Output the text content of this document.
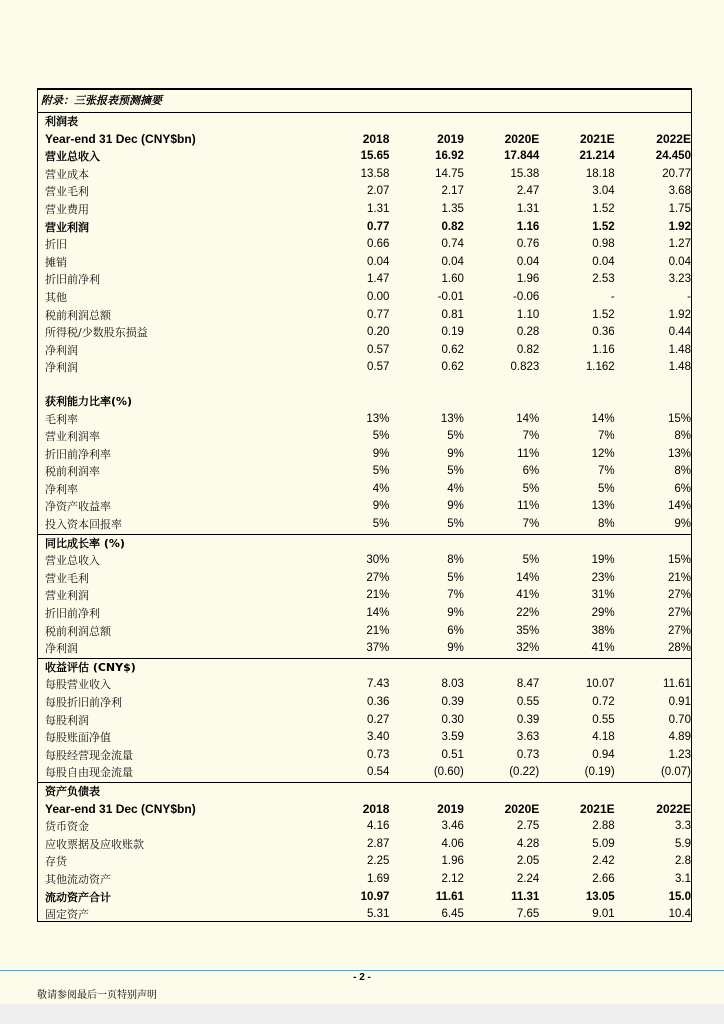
附录：三张报表预测摘要
利润表
Year-end 31 Dec (CNY$bn)	2018	2019	2020E	2021E	2022E
营业总收入	15.65	16.92	17.844	21.214	24.450
营业成本	13.58	14.75	15.38	18.18	20.77
营业毛利	2.07	2.17	2.47	3.04	3.68
营业费用	1.31	1.35	1.31	1.52	1.75
营业利润	0.77	0.82	1.16	1.52	1.92
折旧	0.66	0.74	0.76	0.98	1.27
摊销	0.04	0.04	0.04	0.04	0.04
折旧前净利	1.47	1.60	1.96	2.53	3.23
其他	0.00	-0.01	-0.06	-	-
税前利润总额	0.77	0.81	1.10	1.52	1.92
所得税/少数股东损益	0.20	0.19	0.28	0.36	0.44
净利润	0.57	0.62	0.82	1.16	1.48
净利润	0.57	0.62	0.823	1.162	1.48
获利能力比率(%)
毛利率	13%	13%	14%	14%	15%
营业利润率	5%	5%	7%	7%	8%
折旧前净利率	9%	9%	11%	12%	13%
税前利润率	5%	5%	6%	7%	8%
净利率	4%	4%	5%	5%	6%
净资产收益率	9%	9%	11%	13%	14%
投入资本回报率	5%	5%	7%	8%	9%
同比成长率 (%)
营业总收入	30%	8%	5%	19%	15%
营业毛利	27%	5%	14%	23%	21%
营业利润	21%	7%	41%	31%	27%
折旧前净利	14%	9%	22%	29%	27%
税前利润总额	21%	6%	35%	38%	27%
净利润	37%	9%	32%	41%	28%
收益评估 (CNY$)
每股营业收入	7.43	8.03	8.47	10.07	11.61
每股折旧前净利	0.36	0.39	0.55	0.72	0.91
每股利润	0.27	0.30	0.39	0.55	0.70
每股账面净值	3.40	3.59	3.63	4.18	4.89
每股经营现金流量	0.73	0.51	0.73	0.94	1.23
每股自由现金流量	0.54	(0.60)	(0.22)	(0.19)	(0.07)
资产负债表
Year-end 31 Dec (CNY$bn)	2018	2019	2020E	2021E	2022E
货币资金	4.16	3.46	2.75	2.88	3.3
应收票据及应收账款	2.87	4.06	4.28	5.09	5.9
存货	2.25	1.96	2.05	2.42	2.8
其他流动资产	1.69	2.12	2.24	2.66	3.1
流动资产合计	10.97	11.61	11.31	13.05	15.0
固定资产	5.31	6.45	7.65	9.01	10.4
- 2 -
敬请参阅最后一页特别声明
